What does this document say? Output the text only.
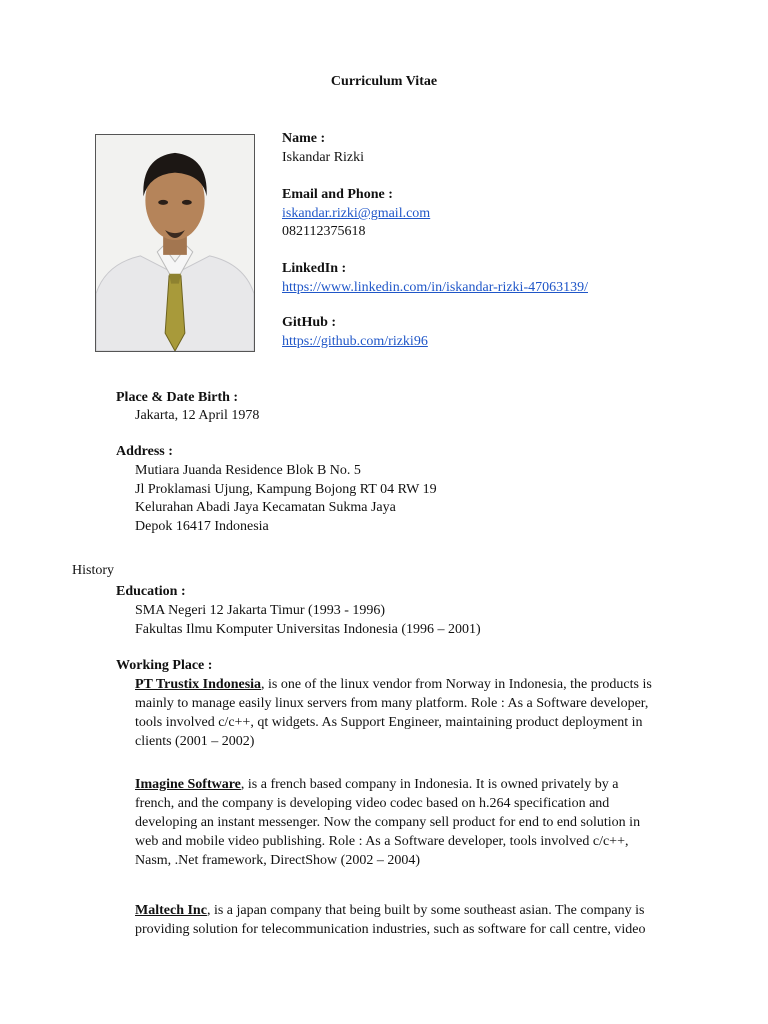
Curriculum Vitae
Name :
Iskandar Rizki
Email and Phone :
iskandar.rizki@gmail.com
082112375618
LinkedIn :
https://www.linkedin.com/in/iskandar-rizki-47063139/
GitHub :
https://github.com/rizki96
Place & Date Birth :
Jakarta, 12 April 1978
Address :
Mutiara Juanda Residence Blok B No. 5
Jl Proklamasi Ujung, Kampung Bojong RT 04 RW 19
Kelurahan Abadi Jaya Kecamatan Sukma Jaya
Depok 16417 Indonesia
History
Education :
SMA Negeri 12 Jakarta Timur (1993 - 1996)
Fakultas Ilmu Komputer Universitas Indonesia (1996 – 2001)
Working Place :
PT Trustix Indonesia, is one of the linux vendor from Norway in Indonesia, the products is
mainly to manage easily linux servers from many platform. Role : As a Software developer,
tools involved c/c++, qt widgets. As Support Engineer, maintaining product deployment in
clients (2001 – 2002)
Imagine Software, is a french based company in Indonesia. It is owned privately by a
french, and the company is developing video codec based on h.264 specification and
developing an instant messenger. Now the company sell product for end to end solution in
web and mobile video publishing. Role : As a Software developer, tools involved c/c++,
Nasm, .Net framework, DirectShow (2002 – 2004)
Maltech Inc, is a japan company that being built by some southeast asian. The company is
providing solution for telecommunication industries, such as software for call centre, video
